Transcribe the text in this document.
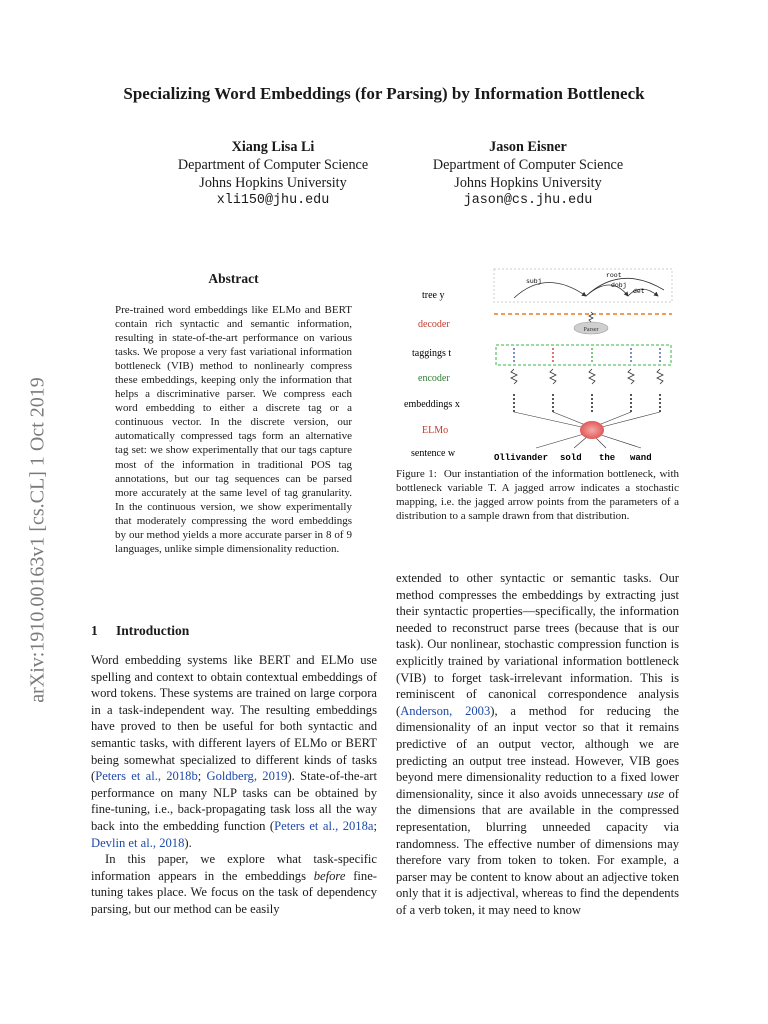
Specializing Word Embeddings (for Parsing) by Information Bottleneck
Xiang Lisa Li
Department of Computer Science
Johns Hopkins University
xli150@jhu.edu
Jason Eisner
Department of Computer Science
Johns Hopkins University
jason@cs.jhu.edu
arXiv:1910.00163v1 [cs.CL] 1 Oct 2019
Abstract
Pre-trained word embeddings like ELMo and BERT contain rich syntactic and semantic information, resulting in state-of-the-art performance on various tasks. We propose a very fast variational information bottleneck (VIB) method to nonlinearly compress these embeddings, keeping only the information that helps a discriminative parser. We compress each word embedding to either a discrete tag or a continuous vector. In the discrete version, our automatically compressed tags form an alternative tag set: we show experimentally that our tags capture most of the information in traditional POS tag annotations, but our tag sequences can be parsed more accurately at the same level of tag granularity. In the continuous version, we show experimentally that moderately compressing the word embeddings by our method yields a more accurate parser in 8 of 9 languages, unlike simple dimensionality reduction.
1 Introduction

Word embedding systems like BERT and ELMo use spelling and context to obtain contextual embeddings of word tokens. These systems are trained on large corpora in a task-independent way. The resulting embeddings have proved to then be useful for both syntactic and semantic tasks, with different layers of ELMo or BERT being somewhat specialized to different kinds of tasks (Peters et al., 2018b; Goldberg, 2019). State-of-the-art performance on many NLP tasks can be obtained by fine-tuning, i.e., back-propagating task loss all the way back into the embedding function (Peters et al., 2018a; Devlin et al., 2018).

In this paper, we explore what task-specific information appears in the embeddings before fine-tuning takes place. We focus on the task of dependency parsing, but our method can be easily

extended to other syntactic or semantic tasks. Our method compresses the embeddings by extracting just their syntactic properties—specifically, the information needed to reconstruct parse trees (because that is our task). Our nonlinear, stochastic compression function is explicitly trained by variational information bottleneck (VIB) to forget task-irrelevant information. This is reminiscent of canonical correspondence analysis (Anderson, 2003), a method for reducing the dimensionality of an input vector so that it remains predictive of an output vector, although we are predicting an output tree instead. However, VIB goes beyond mere dimensionality reduction to a fixed lower dimensionality, since it also avoids unnecessary use of the dimensions that are available in the compressed representation, blurring unneeded capacity via randomness. The effective number of dimensions may therefore vary from token to token. For example, a parser may be content to know about an adjective token only that it is adjectival, whereas to find the dependents of a verb token, it may need to know
tree y
decoder
taggings t
encoder
embeddings x
ELMo
sentence w
subj
dobj
det
root
Parser
Ollivander sold the wand
Figure 1: Our instantiation of the information bottleneck, with bottleneck variable T. A jagged arrow indicates a stochastic mapping, i.e. the jagged arrow points from the parameters of a distribution to a sample drawn from that distribution.
